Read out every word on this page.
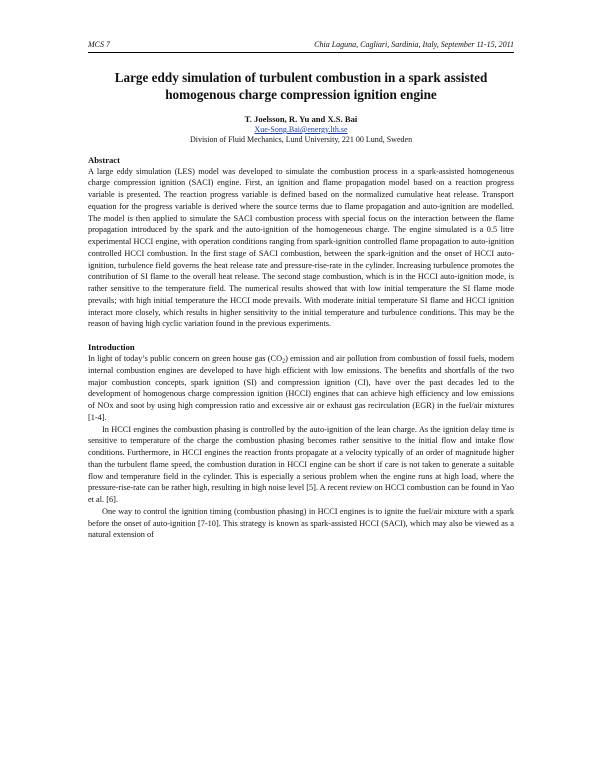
MCS 7	Chia Laguna, Cagliari, Sardinia, Italy, September 11-15, 2011
Large eddy simulation of turbulent combustion in a spark assisted
homogenous charge compression ignition engine
T. Joelsson, R. Yu and X.S. Bai
Xue-Song.Bai@energy.lth.se
Division of Fluid Mechanics, Lund University, 221 00 Lund, Sweden
Abstract

A large eddy simulation (LES) model was developed to simulate the combustion process in a spark-assisted homogeneous charge compression ignition (SACI) engine. First, an ignition and flame propagation model based on a reaction progress variable is presented. The reaction progress variable is defined based on the normalized cumulative heat release. Transport equation for the progress variable is derived where the source terms due to flame propagation and auto-ignition are modelled. The model is then applied to simulate the SACI combustion process with special focus on the interaction between the flame propagation introduced by the spark and the auto-ignition of the homogeneous charge. The engine simulated is a 0.5 litre experimental HCCI engine, with operation conditions ranging from spark-ignition controlled flame propagation to auto-ignition controlled HCCI combustion. In the first stage of SACI combustion, between the spark-ignition and the onset of HCCI auto-ignition, turbulence field governs the heat release rate and pressure-rise-rate in the cylinder. Increasing turbulence promotes the contribution of SI flame to the overall heat release. The second stage combustion, which is in the HCCI auto-ignition mode, is rather sensitive to the temperature field. The numerical results showed that with low initial temperature the SI flame mode prevails; with high initial temperature the HCCI mode prevails. With moderate initial temperature SI flame and HCCI ignition interact more closely, which results in higher sensitivity to the initial temperature and turbulence conditions. This may be the reason of having high cyclic variation found in the previous experiments.

Introduction

In light of today’s public concern on green house gas $(CO_2)$ emission and air pollution from combustion of fossil fuels, modern internal combustion engines are developed to have high efficient with low emissions. The benefits and shortfalls of the two major combustion concepts, spark ignition (SI) and compression ignition (CI), have over the past decades led to the development of homogenous charge compression ignition (HCCI) engines that can achieve high efficiency and low emissions of NOx and soot by using high compression ratio and excessive air or exhaust gas recirculation (EGR) in the fuel/air mixtures [1-4].

In HCCI engines the combustion phasing is controlled by the auto-ignition of the lean charge. As the ignition delay time is sensitive to temperature of the charge the combustion phasing becomes rather sensitive to the initial flow and intake flow conditions. Furthermore, in HCCI engines the reaction fronts propagate at a velocity typically of an order of magnitude higher than the turbulent flame speed, the combustion duration in HCCI engine can be short if care is not taken to generate a suitable flow and temperature field in the cylinder. This is especially a serious problem when the engine runs at high load, where the pressure-rise-rate can be rather high, resulting in high noise level [5]. A recent review on HCCI combustion can be found in Yao et al. [6].

One way to control the ignition timing (combustion phasing) in HCCI engines is to ignite the fuel/air mixture with a spark before the onset of auto-ignition [7-10]. This strategy is known as spark-assisted HCCI (SACI), which may also be viewed as a natural extension of
